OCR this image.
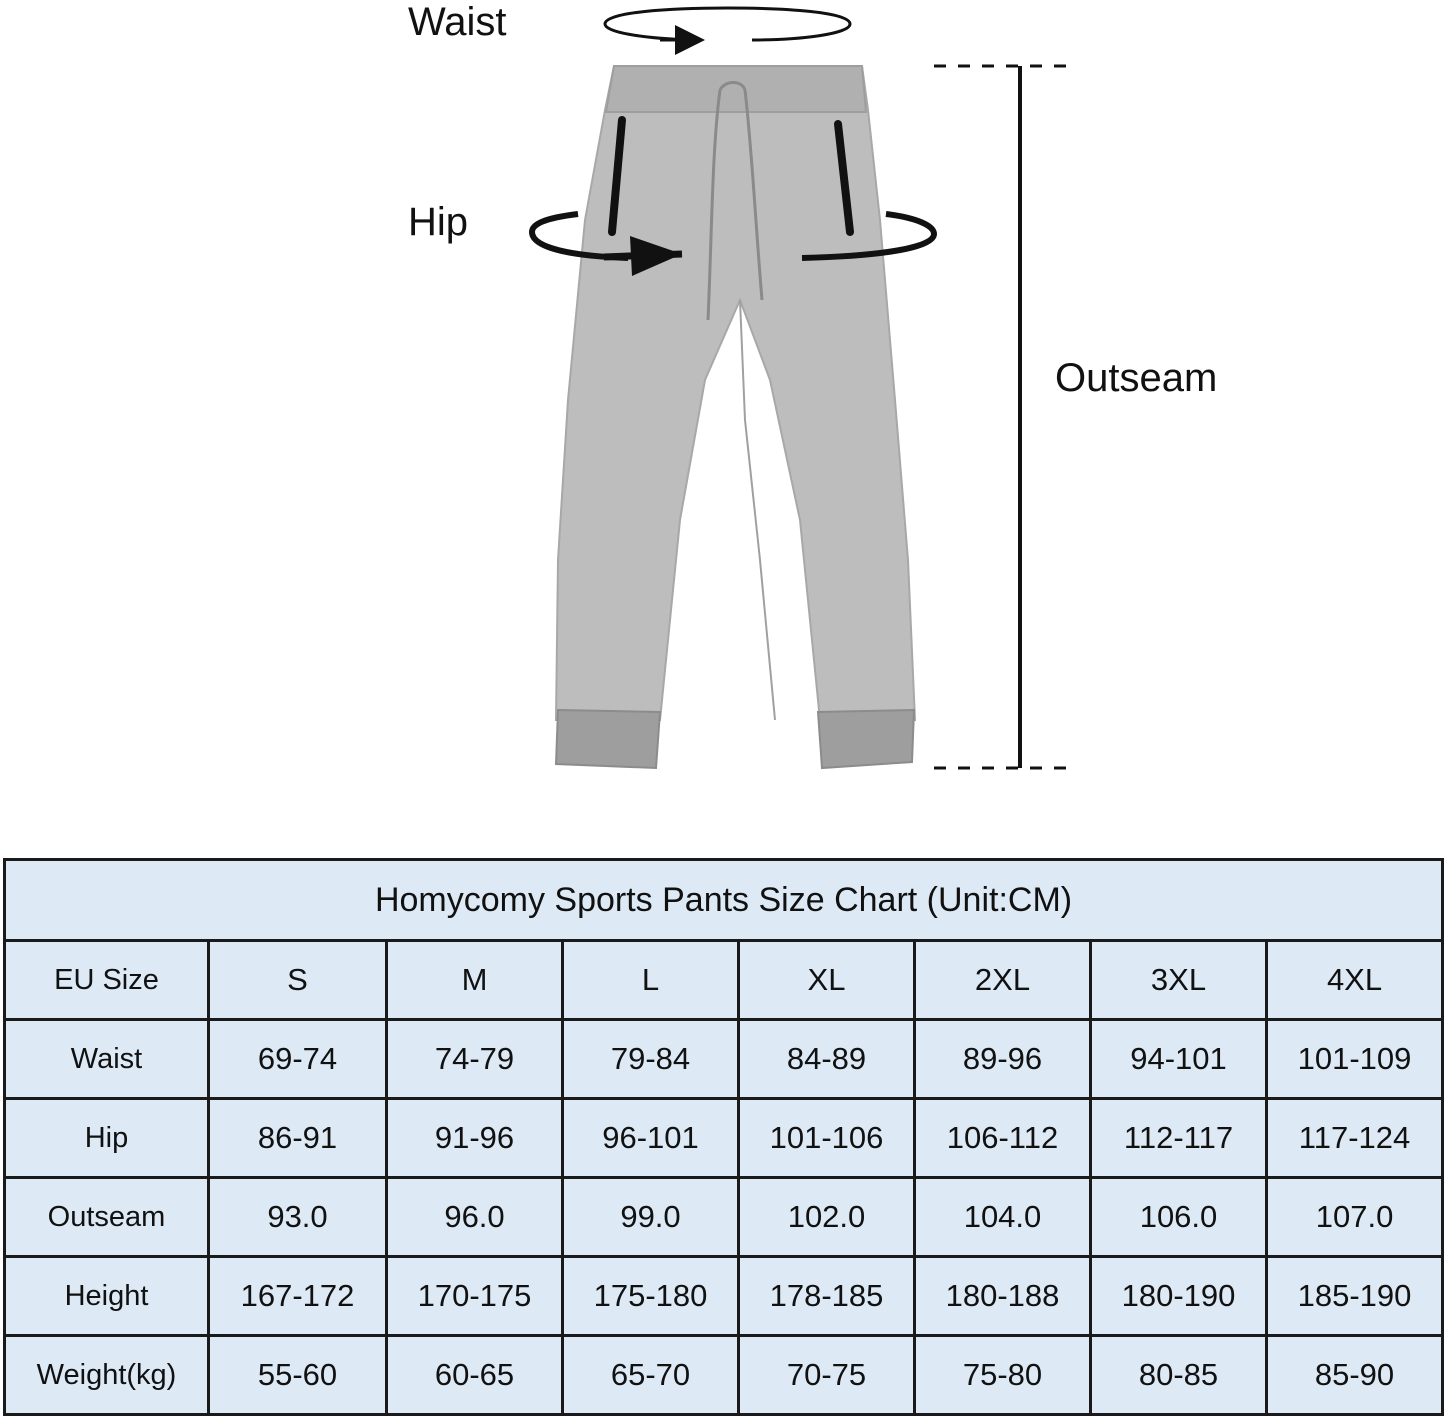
Waist
Hip
Outseam
Homycomy Sports Pants Size Chart (Unit:CM)							
EU Size	S	M	L	XL	2XL	3XL	4XL
Waist	69-74	74-79	79-84	84-89	89-96	94-101	101-109
Hip	86-91	91-96	96-101	101-106	106-112	112-117	117-124
Outseam	93.0	96.0	99.0	102.0	104.0	106.0	107.0
Height	167-172	170-175	175-180	178-185	180-188	180-190	185-190
Weight(kg)	55-60	60-65	65-70	70-75	75-80	80-85	85-90
